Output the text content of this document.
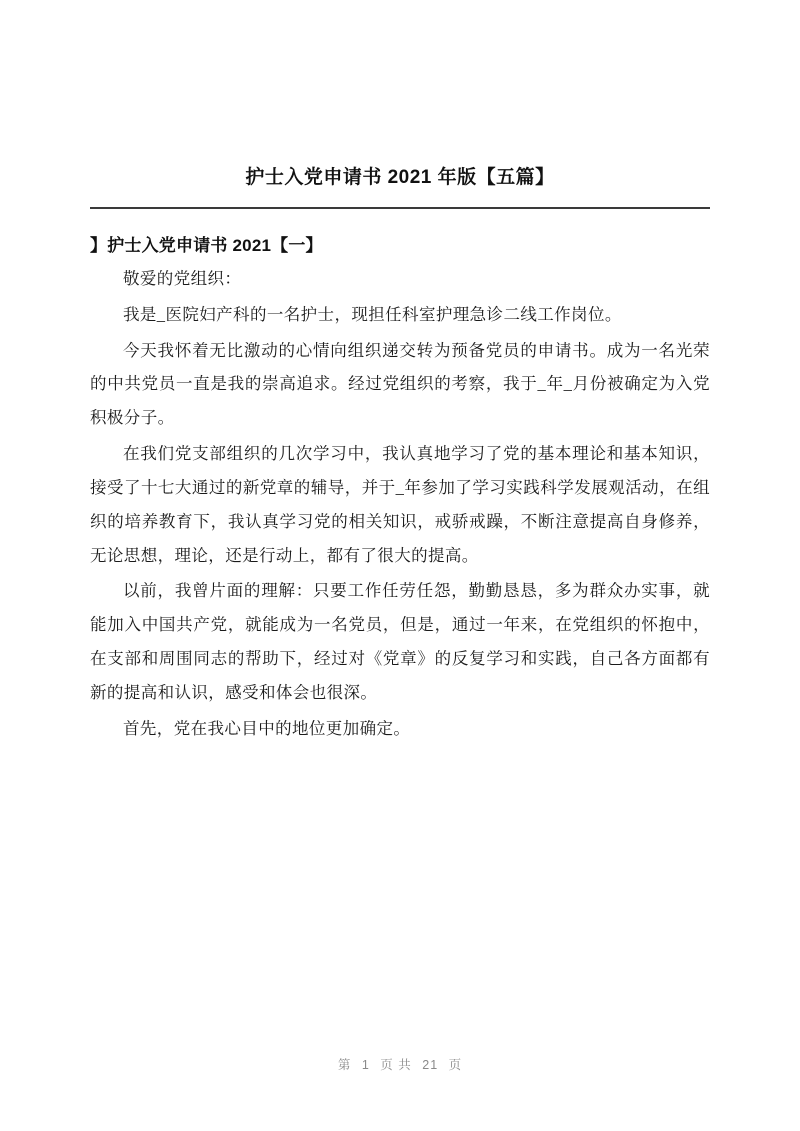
护士入党申请书 2021 年版【五篇】
】护士入党申请书 2021【一】

敬爱的党组织：

我是_医院妇产科的一名护士，现担任科室护理急诊二线工作岗位。

今天我怀着无比激动的心情向组织递交转为预备党员的申请书。成为一名光荣的中共党员一直是我的崇高追求。经过党组织的考察，我于_年_月份被确定为入党积极分子。

在我们党支部组织的几次学习中，我认真地学习了党的基本理论和基本知识，接受了十七大通过的新党章的辅导，并于_年参加了学习实践科学发展观活动，在组织的培养教育下，我认真学习党的相关知识，戒骄戒躁，不断注意提高自身修养，无论思想，理论，还是行动上，都有了很大的提高。

以前，我曾片面的理解：只要工作任劳任怨，勤勤恳恳，多为群众办实事，就能加入中国共产党，就能成为一名党员，但是，通过一年来，在党组织的怀抱中，在支部和周围同志的帮助下，经过对《党章》的反复学习和实践，自己各方面都有新的提高和认识，感受和体会也很深。

首先，党在我心目中的地位更加确定。

第 1 页 共 21 页
